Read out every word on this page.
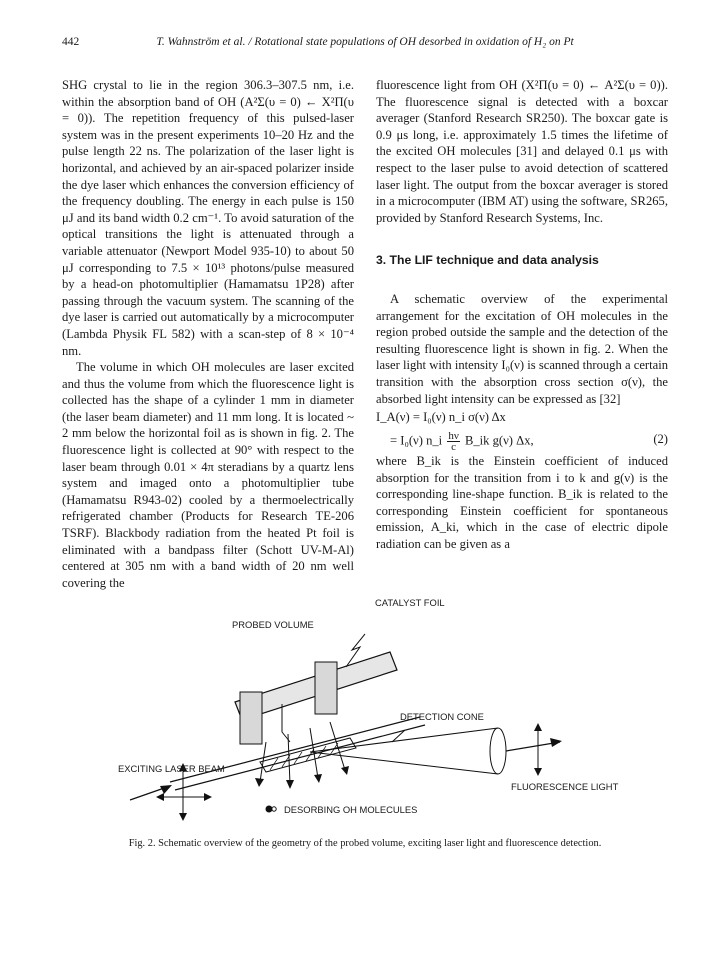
442	T. Wahnström et al. / Rotational state populations of OH desorbed in oxidation of H₂ on Pt

SHG crystal to lie in the region 306.3–307.5 nm, i.e. within the absorption band of OH (A²Σ(υ = 0) ← X²Π(υ = 0)). The repetition frequency of this pulsed-laser system was in the present experiments 10–20 Hz and the pulse length 22 ns. The polarization of the laser light is horizontal, and achieved by an air-spaced polarizer inside the dye laser which enhances the conversion efficiency of the frequency doubling. The energy in each pulse is 150 μJ and its band width 0.2 cm⁻¹. To avoid saturation of the optical transitions the light is attenuated through a variable attenuator (Newport Model 935-10) to about 50 μJ corresponding to 7.5 × 10¹³ photons/pulse measured by a head-on photomultiplier (Hamamatsu 1P28) after passing through the vacuum system. The scanning of the dye laser is carried out automatically by a microcomputer (Lambda Physik FL 582) with a scan-step of 8 × 10⁻⁴ nm.

The volume in which OH molecules are laser excited and thus the volume from which the fluorescence light is collected has the shape of a cylinder 1 mm in diameter (the laser beam diameter) and 11 mm long. It is located ~ 2 mm below the horizontal foil as is shown in fig. 2. The fluorescence light is collected at 90° with respect to the laser beam through 0.01 × 4π steradians by a quartz lens system and imaged onto a photomultiplier tube (Hamamatsu R943-02) cooled by a thermoelectrically refrigerated chamber (Products for Research TE-206 TSRF). Blackbody radiation from the heated Pt foil is eliminated with a bandpass filter (Schott UV-M-Al) centered at 305 nm with a band width of 20 nm well covering the

fluorescence light from OH (X²Π(υ = 0) ← A²Σ(υ = 0)). The fluorescence signal is detected with a boxcar averager (Stanford Research SR250). The boxcar gate is 0.9 μs long, i.e. approximately 1.5 times the lifetime of the excited OH molecules [31] and delayed 0.1 μs with respect to the laser pulse to avoid detection of scattered laser light. The output from the boxcar averager is stored in a microcomputer (IBM AT) using the software, SR265, provided by Stanford Research Systems, Inc.

3. The LIF technique and data analysis

A schematic overview of the experimental arrangement for the excitation of OH molecules in the region probed outside the sample and the detection of the resulting fluorescence light is shown in fig. 2. When the laser light with intensity I₀(ν) is scanned through a certain transition with the absorption cross section σ(ν), the absorbed light intensity can be expressed as [32]

I_A(ν) = I₀(ν) n_i σ(ν) Δx
= I₀(ν) n_i $\frac{h\nu}{c}$ B_ik g(ν) Δx,	(2)

where B_ik is the Einstein coefficient of induced absorption for the transition from i to k and g(ν) is the corresponding line-shape function. B_ik is related to the corresponding Einstein coefficient for spontaneous emission, A_ki, which in the case of electric dipole radiation can be given as a

CATALYST FOIL
PROBED VOLUME
DETECTION CONE
EXCITING LASER BEAM
FLUORESCENCE LIGHT
DESORBING OH MOLECULES
Fig. 2. Schematic overview of the geometry of the probed volume, exciting laser light and fluorescence detection.
